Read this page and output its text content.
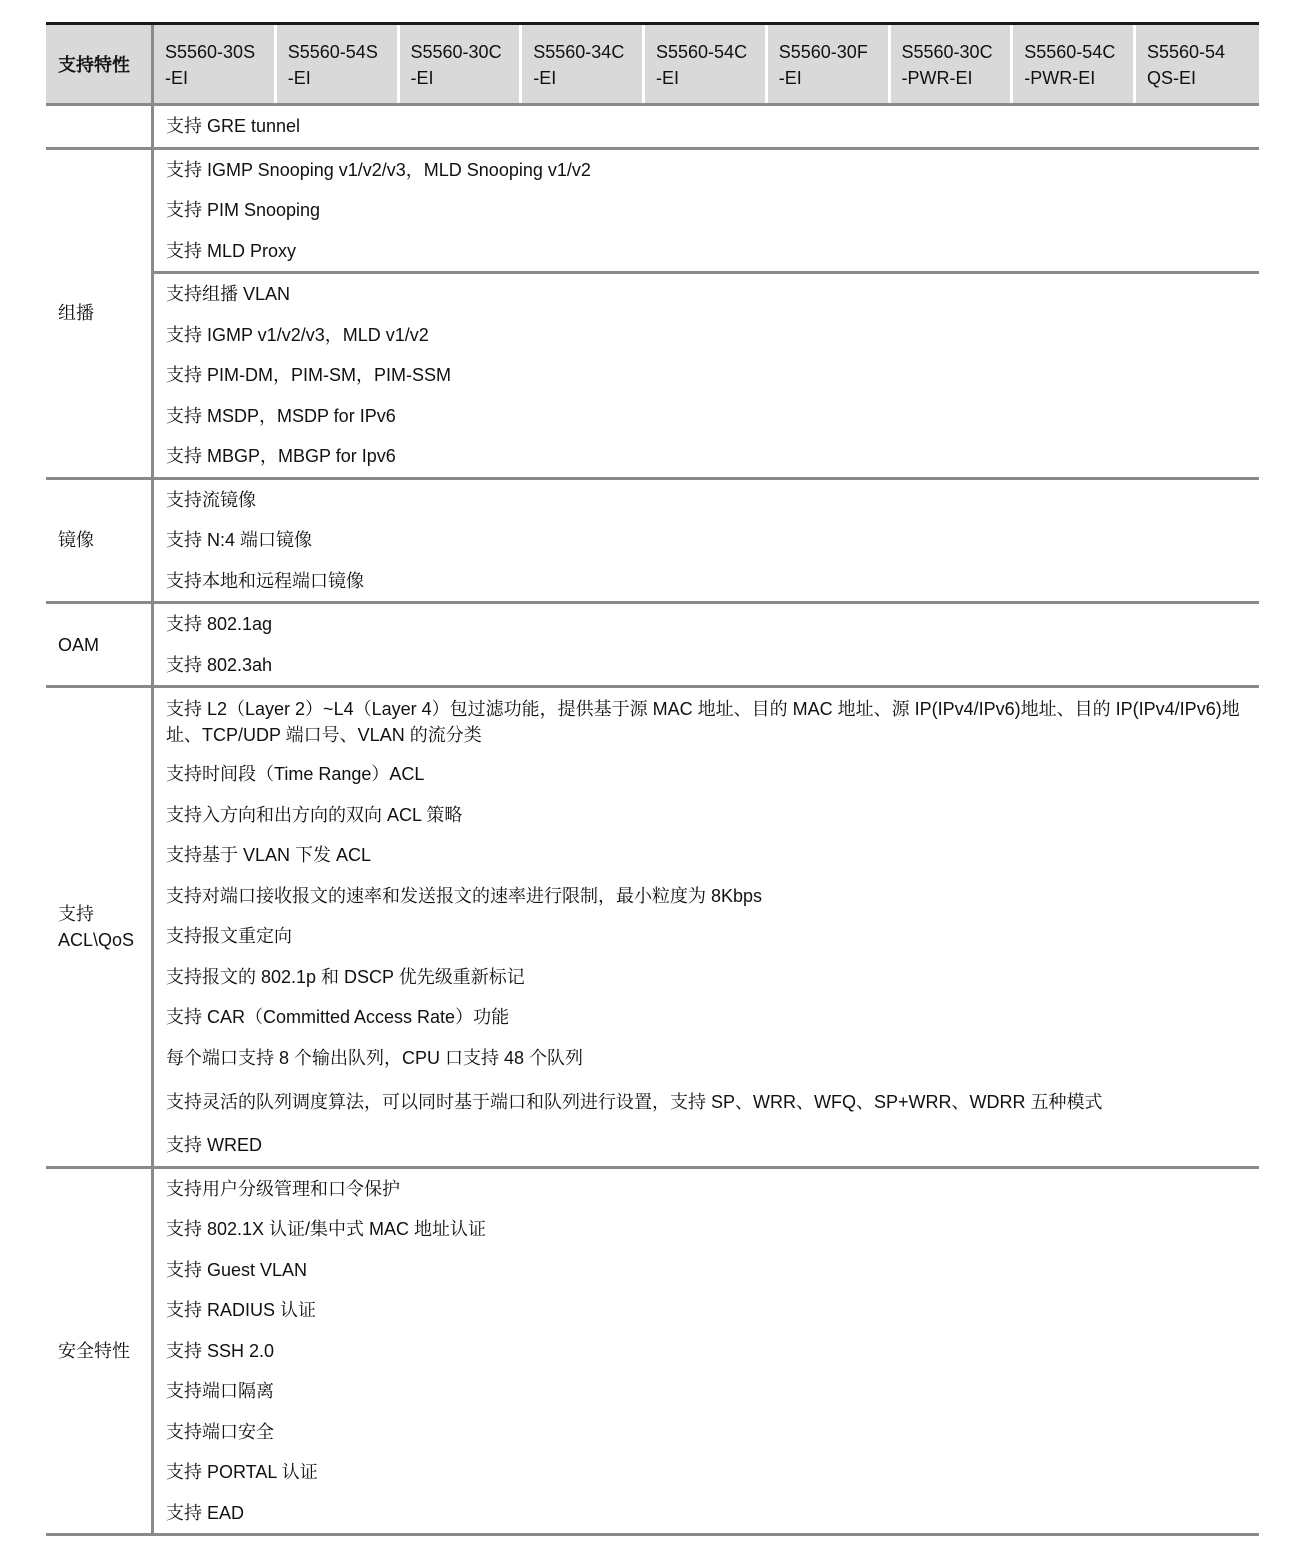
支持特性
S5560-30S
-EI
S5560-54S
-EI
S5560-30C
-EI
S5560-34C
-EI
S5560-54C
-EI
S5560-30F
-EI
S5560-30C
-PWR-EI
S5560-54C
-PWR-EI
S5560-54
QS-EI
支持 GRE tunnel
组播
支持 IGMP Snooping v1/v2/v3，MLD Snooping v1/v2
支持 PIM Snooping
支持 MLD Proxy
支持组播 VLAN
支持 IGMP v1/v2/v3，MLD v1/v2
支持 PIM-DM，PIM-SM，PIM-SSM
支持 MSDP，MSDP for IPv6
支持 MBGP，MBGP for Ipv6
镜像
支持流镜像
支持 N:4 端口镜像
支持本地和远程端口镜像
OAM
支持 802.1ag
支持 802.3ah
支持
ACL\QoS
支持 L2（Layer 2）~L4（Layer 4）包过滤功能，提供基于源 MAC 地址、目的 MAC 地址、源 IP(IPv4/IPv6)地址、目的 IP(IPv4/IPv6)地址、TCP/UDP 端口号、VLAN 的流分类
支持时间段（Time Range）ACL
支持入方向和出方向的双向 ACL 策略
支持基于 VLAN 下发 ACL
支持对端口接收报文的速率和发送报文的速率进行限制，最小粒度为 8Kbps
支持报文重定向
支持报文的 802.1p 和 DSCP 优先级重新标记
支持 CAR（Committed Access Rate）功能
每个端口支持 8 个输出队列，CPU 口支持 48 个队列
支持灵活的队列调度算法，可以同时基于端口和队列进行设置，支持 SP、WRR、WFQ、SP+WRR、WDRR 五种模式
支持 WRED
安全特性
支持用户分级管理和口令保护
支持 802.1X 认证/集中式 MAC 地址认证
支持 Guest VLAN
支持 RADIUS 认证
支持 SSH 2.0
支持端口隔离
支持端口安全
支持 PORTAL 认证
支持 EAD
